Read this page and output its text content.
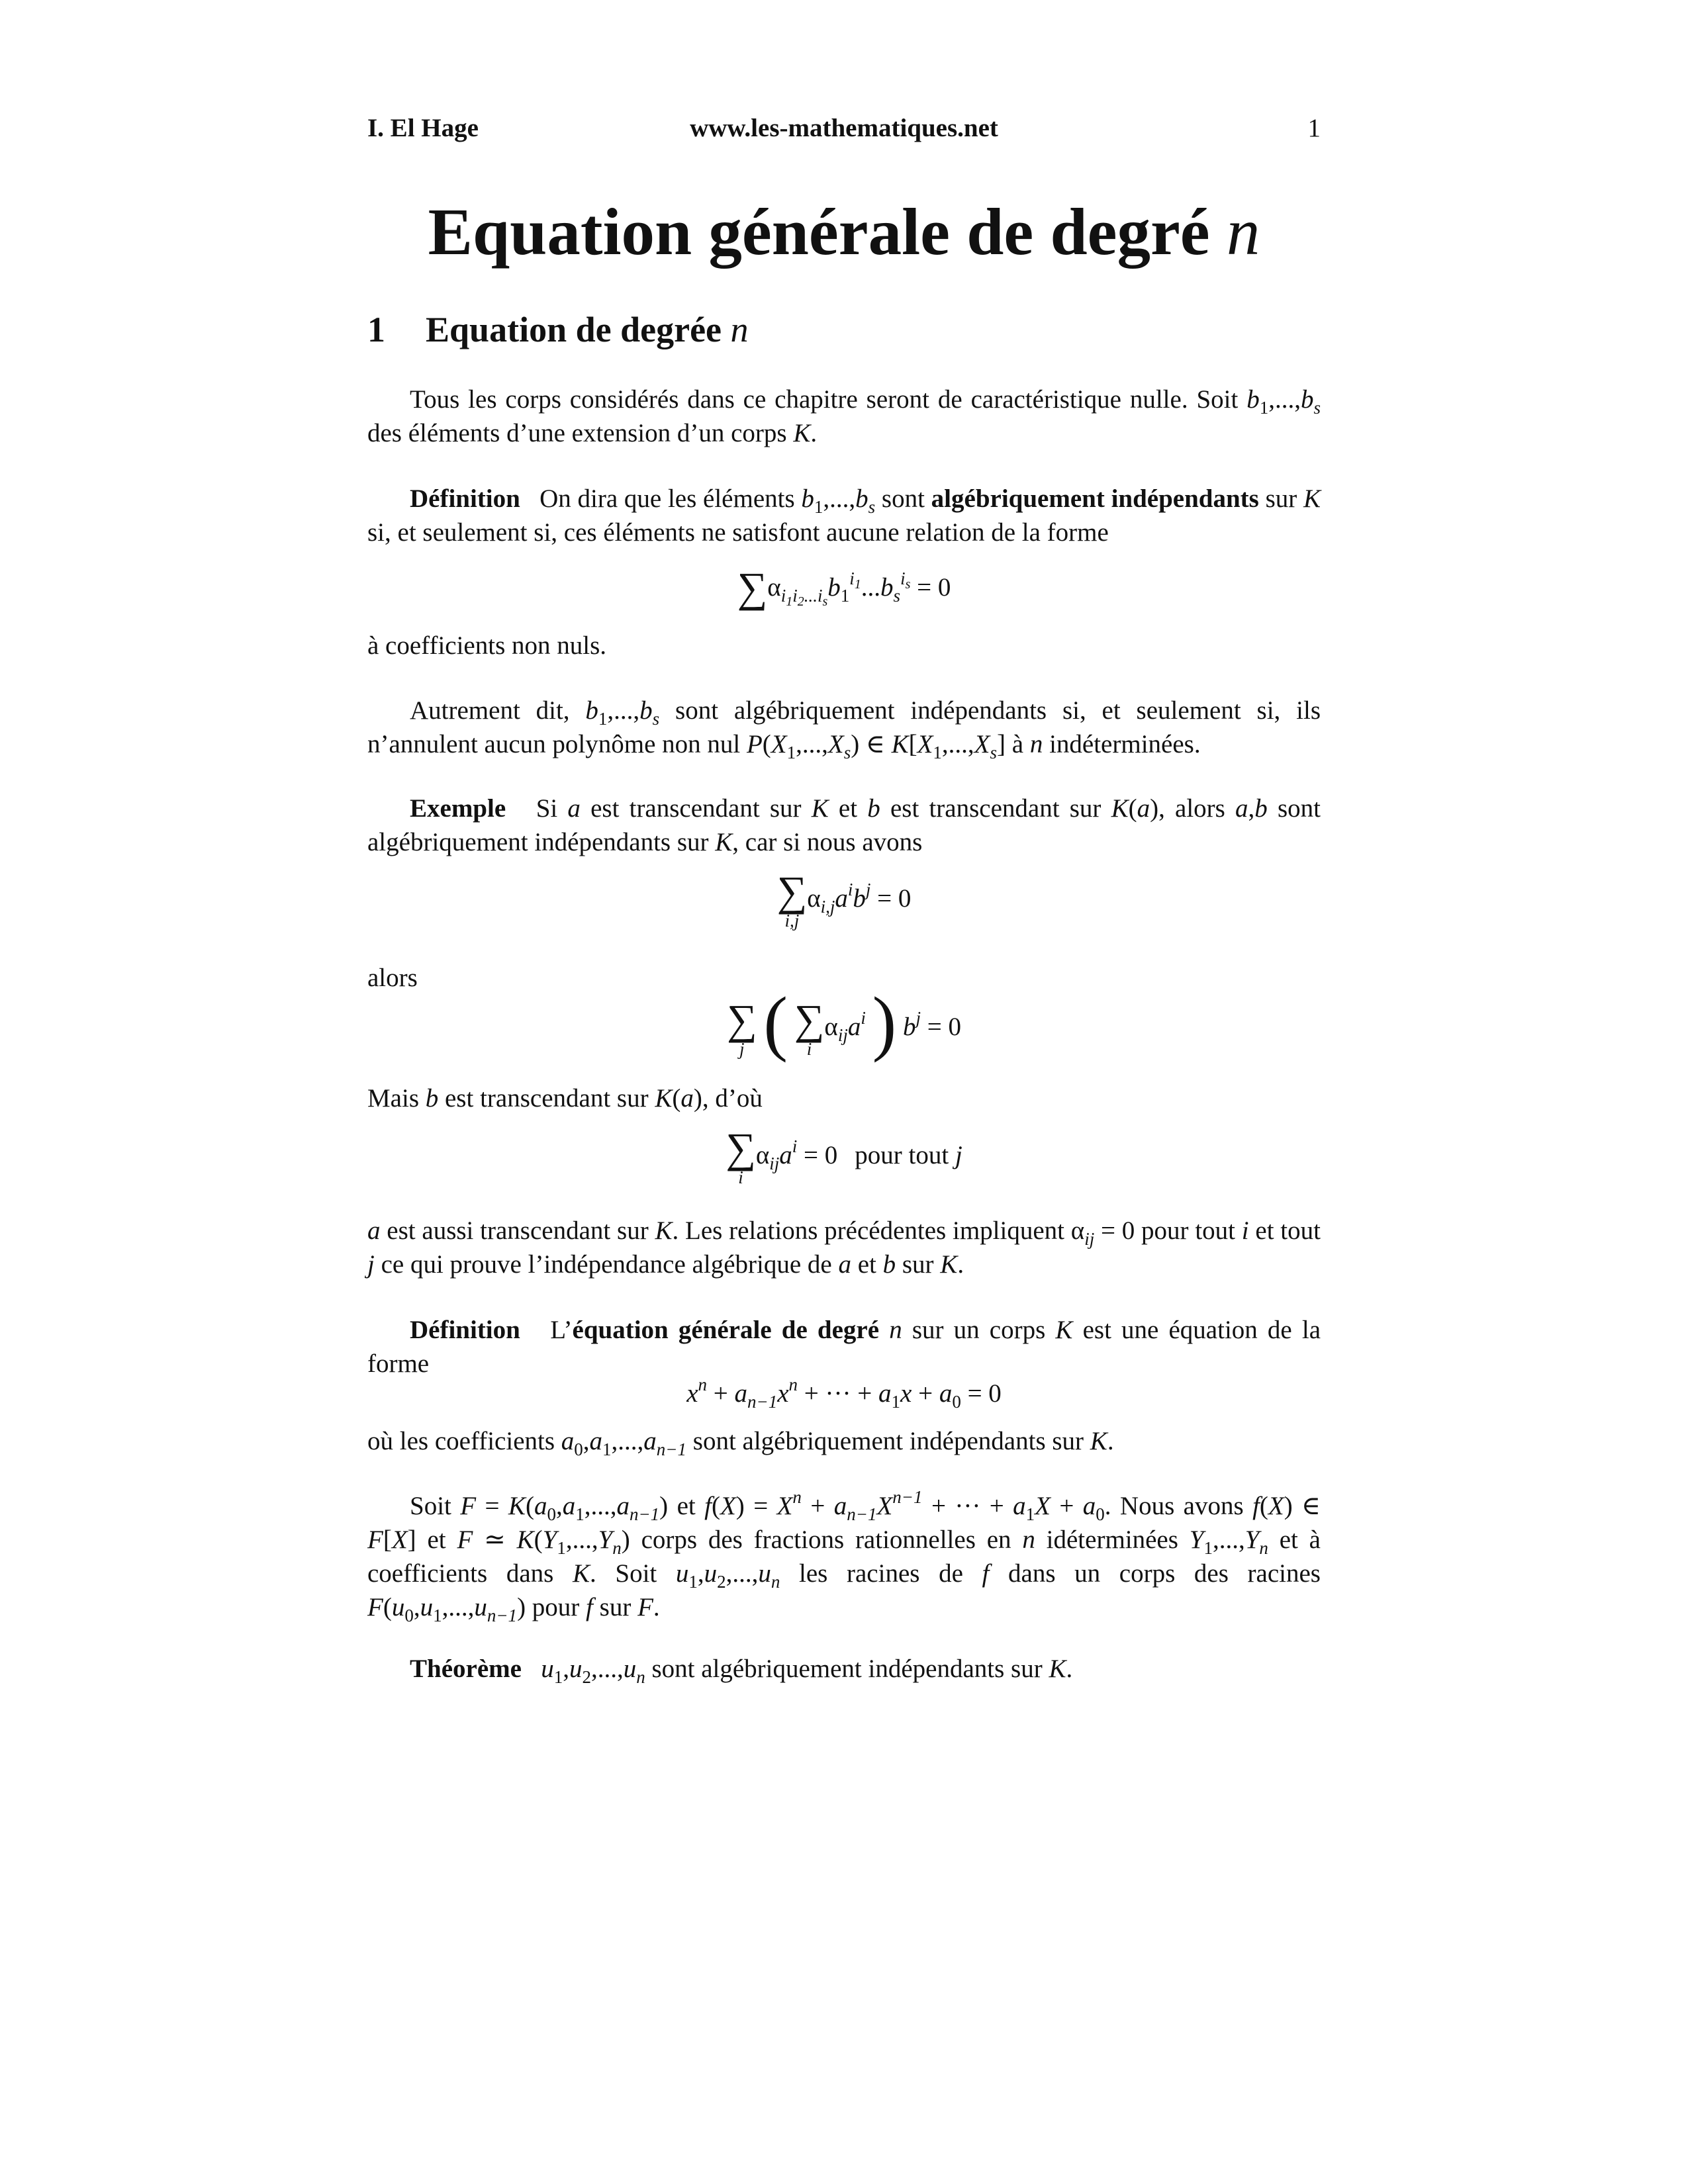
I. El Hage	www.les-mathematiques.net	1
Equation générale de degré n
1 Equation de degrée n

Tous les corps considérés dans ce chapitre seront de caractéristique nulle. Soit $b_1,...,b_s$ des éléments d’une extension d’un corps K.

Définition   On dira que les éléments $b_1,...,b_s$ sont algébriquement indépendants sur K si, et seulement si, ces éléments ne satisfont aucune relation de la forme

$\sum\alpha_{i_1i_2...i_s}b_1^{i_1}...b_s^{i_s} = 0$

à coefficients non nuls.

Autrement dit, $b_1,...,b_s$ sont algébriquement indépendants si, et seulement si, ils n’annulent aucun polynôme non nul $P(X_1,...,X_s)$ ∈ $K[X_1,...,X_s]$ à n indéterminées.

Exemple   Si a est transcendant sur K et b est transcendant sur K(a), alors a,b sont algébriquement indépendants sur K, car si nous avons

∑
i,j
$\alpha_{i,j}a^ib^j = 0$

alors

∑
j ( ∑
i
$\alpha_{ij}a^i$ ) $b^j = 0$

Mais b est transcendant sur K(a), d’où

∑
i
$\alpha_{ij}a^i = 0$ pour tout j

a est aussi transcendant sur K. Les relations précédentes impliquent $\alpha_{ij} = 0$ pour tout i et tout j ce qui prouve l’indépendance algébrique de a et b sur K.

Définition   L’équation générale de degré n sur un corps K est une équation de la forme

$x^n + a_{n-1}x^n$ + ··· + $a_1x + a_0 = 0$

où les coefficients $a_0,a_1,...,a_{n-1}$ sont algébriquement indépendants sur K.

Soit $F = K(a_0,a_1,...,a_{n-1})$ et $f(X) = X^n + a_{n-1}X^{n-1}$ + ··· + $a_1X + a_0$. Nous avons f(X) ∈ F[X] et F ≃ $K(Y_1,...,Y_n)$ corps des fractions rationnelles en n idéterminées $Y_1,...,Y_n$ et à coefficients dans K. Soit $u_1,u_2,...,u_n$ les racines de f dans un corps des racines $F(u_0,u_1,...,u_{n-1})$ pour f sur F.

Théorème $u_1,u_2,...,u_n$ sont algébriquement indépendants sur K.
